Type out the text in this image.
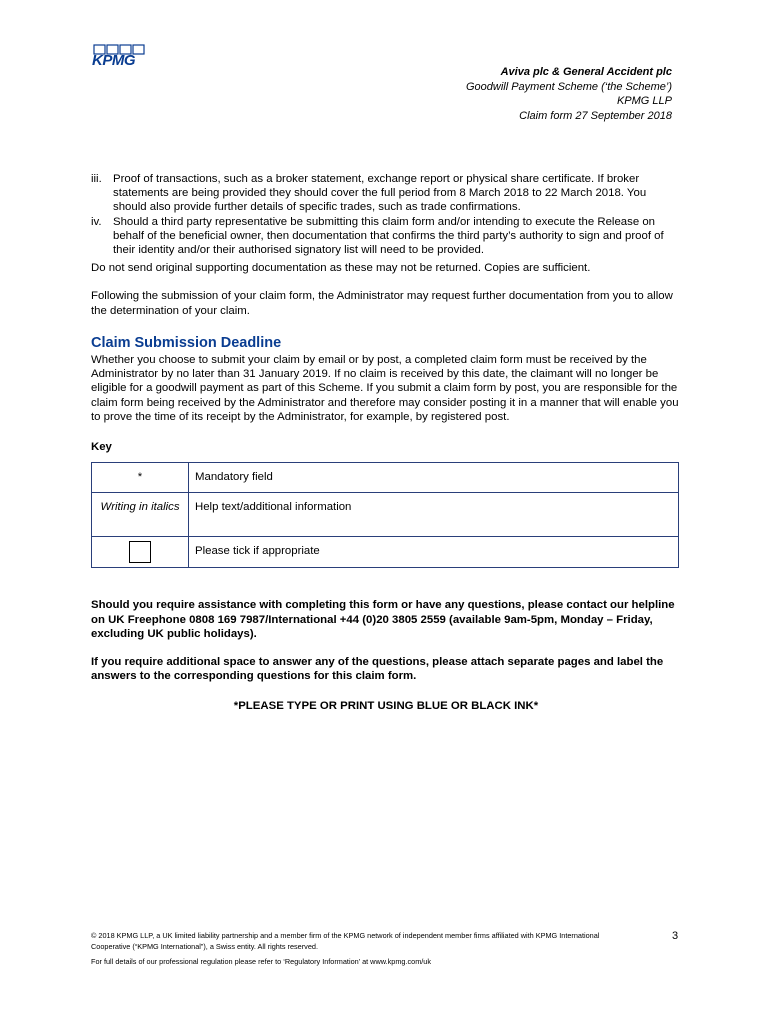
KPMG
Aviva plc & General Accident plc
Goodwill Payment Scheme (‘the Scheme’)
KPMG LLP
Claim form 27 September 2018
iii. Proof of transactions, such as a broker statement, exchange report or physical share certificate. If broker statements are being provided they should cover the full period from 8 March 2018 to 22 March 2018. You should also provide further details of specific trades, such as trade confirmations.
iv.	Should a third party representative be submitting this claim form and/or intending to execute the Release on behalf of the beneficial owner, then documentation that confirms the third party’s authority to sign and proof of their identity and/or their authorised signatory list will need to be provided.

Do not send original supporting documentation as these may not be returned. Copies are sufficient.

Following the submission of your claim form, the Administrator may request further documentation from you to allow the determination of your claim.

Claim Submission Deadline

Whether you choose to submit your claim by email or by post, a completed claim form must be received by the Administrator by no later than 31 January 2019. If no claim is received by this date, the claimant will no longer be eligible for a goodwill payment as part of this Scheme. If you submit a claim form by post, you are responsible for the claim form being received by the Administrator and therefore may consider posting it in a manner that will enable you to prove the time of its receipt by the Administrator, for example, by registered post.

Key
*	Mandatory field
Writing in italics	Help text/additional information
	Please tick if appropriate

Should you require assistance with completing this form or have any questions, please contact our helpline on UK Freephone 0808 169 7987/International +44 (0)20 3805 2559 (available 9am-5pm, Monday – Friday, excluding UK public holidays).

If you require additional space to answer any of the questions, please attach separate pages and label the answers to the corresponding questions for this claim form.

*PLEASE TYPE OR PRINT USING BLUE OR BLACK INK*

© 2018 KPMG LLP, a UK limited liability partnership and a member firm of the KPMG network of independent member firms affiliated with KPMG International Cooperative (“KPMG International”), a Swiss entity. All rights reserved.
For full details of our professional regulation please refer to ‘Regulatory Information’ at www.kpmg.com/uk
3
